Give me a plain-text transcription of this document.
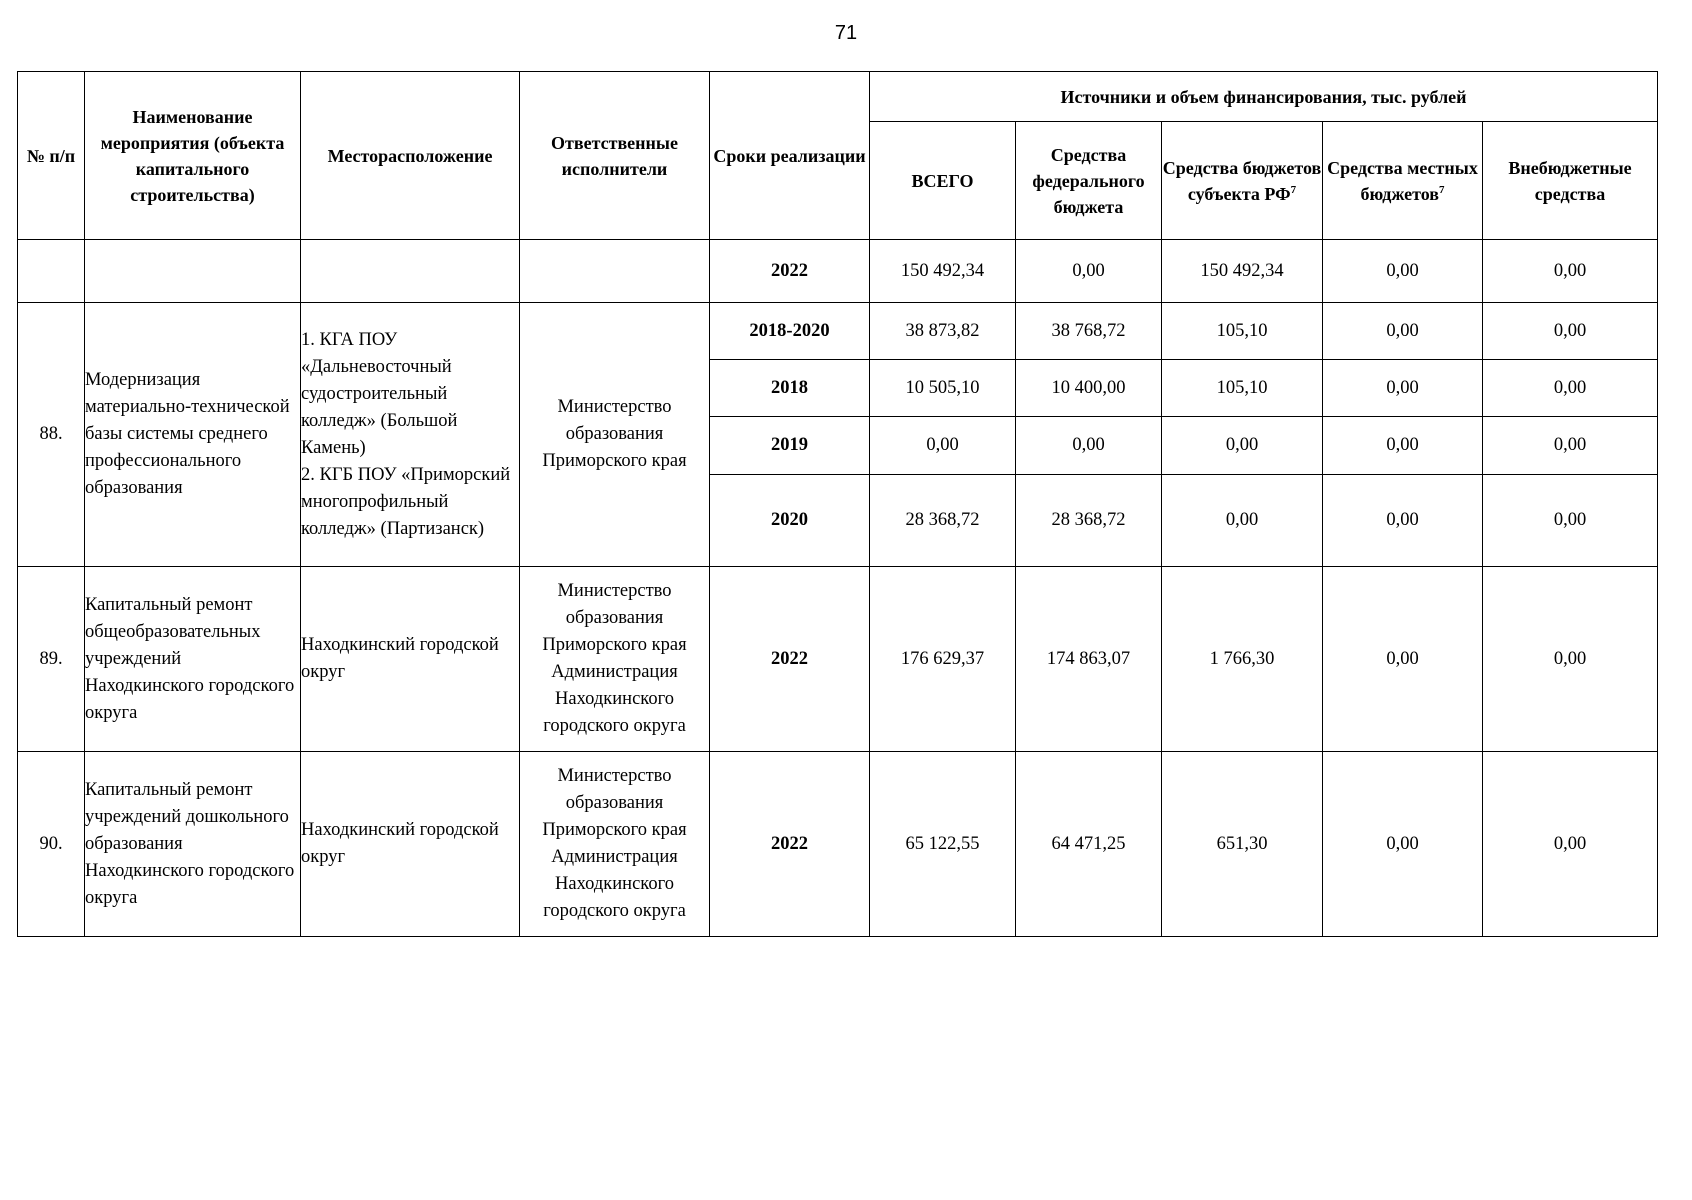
71
№ п/п	Наименование мероприятия (объекта капитального строительства)	Месторасположение	Ответственные исполнители	Сроки реализации	Источники и объем финансирования, тыс. рублей				
					ВСЕГО	Средства федерального бюджета	Средства бюджетов субъекта $РФ^7$	Средства местных бюджетов$^7$	Внебюджетные средства
				2022	150 492,34	0,00	150 492,34	0,00	0,00
88.	Модернизация материально-технической базы системы среднего профессионального образования	1. КГА ПОУ «Дальневосточный судостроительный колледж» (Большой Камень)
2. КГБ ПОУ «Приморский многопрофильный колледж» (Партизанск)	Министерство образования Приморского края	2018-2020	38 873,82	38 768,72	105,10	0,00	0,00
				2018	10 505,10	10 400,00	105,10	0,00	0,00
				2019	0,00	0,00	0,00	0,00	0,00
				2020	28 368,72	28 368,72	0,00	0,00	0,00
89.	Капитальный ремонт общеобразовательных учреждений Находкинского городского округа	Находкинский городской округ	Министерство образования Приморского края Администрация Находкинского городского округа	2022	176 629,37	174 863,07	1 766,30	0,00	0,00
90.	Капитальный ремонт учреждений дошкольного образования Находкинского городского округа	Находкинский городской округ	Министерство образования Приморского края Администрация Находкинского городского округа	2022	65 122,55	64 471,25	651,30	0,00	0,00
